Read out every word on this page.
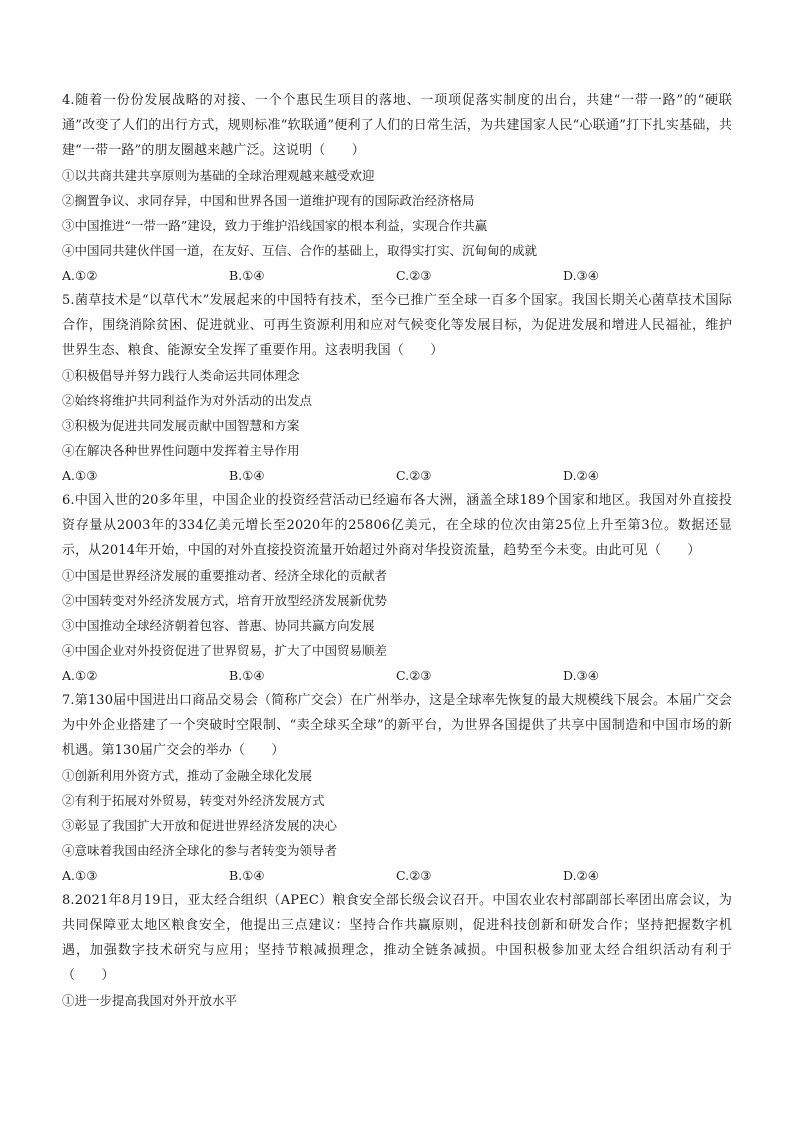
4.随着一份份发展战略的对接、一个个惠民生项目的落地、一项项促落实制度的出台，共建“一带一路”的“硬联通”改变了人们的出行方式，规则标准“软联通”便利了人们的日常生活，为共建国家人民“心联通”打下扎实基础，共建“一带一路”的朋友圈越来越广泛。这说明（　　）

①以共商共建共享原则为基础的全球治理观越来越受欢迎

②搁置争议、求同存异，中国和世界各国一道维护现有的国际政治经济格局

③中国推进“一带一路”建设，致力于维护沿线国家的根本利益，实现合作共赢

④中国同共建伙伴国一道，在友好、互信、合作的基础上，取得实打实、沉甸甸的成就

A.①②	B.①④	C.②③	D.③④

5.菌草技术是“以草代木”发展起来的中国特有技术，至今已推广至全球一百多个国家。我国长期关心菌草技术国际合作，围绕消除贫困、促进就业、可再生资源利用和应对气候变化等发展目标，为促进发展和增进人民福祉，维护世界生态、粮食、能源安全发挥了重要作用。这表明我国（　　）

①积极倡导并努力践行人类命运共同体理念

②始终将维护共同利益作为对外活动的出发点

③积极为促进共同发展贡献中国智慧和方案

④在解决各种世界性问题中发挥着主导作用

A.①③	B.①④	C.②③	D.②④

6.中国入世的20多年里，中国企业的投资经营活动已经遍布各大洲，涵盖全球189个国家和地区。我国对外直接投资存量从2003年的334亿美元增长至2020年的25806亿美元，在全球的位次由第25位上升至第3位。数据还显示，从2014年开始，中国的对外直接投资流量开始超过外商对华投资流量，趋势至今未变。由此可见（　　）

①中国是世界经济发展的重要推动者、经济全球化的贡献者

②中国转变对外经济发展方式，培育开放型经济发展新优势

③中国推动全球经济朝着包容、普惠、协同共赢方向发展

④中国企业对外投资促进了世界贸易，扩大了中国贸易顺差

A.①②	B.①④	C.②③	D.③④

7.第130届中国进出口商品交易会（简称广交会）在广州举办，这是全球率先恢复的最大规模线下展会。本届广交会为中外企业搭建了一个突破时空限制、“卖全球买全球”的新平台，为世界各国提供了共享中国制造和中国市场的新机遇。第130届广交会的举办（　　）

①创新利用外资方式，推动了金融全球化发展

②有利于拓展对外贸易，转变对外经济发展方式

③彰显了我国扩大开放和促进世界经济发展的决心

④意味着我国由经济全球化的参与者转变为领导者

A.①③	B.①④	C.②③	D.②④

8.2021年8月19日，亚太经合组织（APEC）粮食安全部长级会议召开。中国农业农村部副部长率团出席会议，为共同保障亚太地区粮食安全，他提出三点建议：坚持合作共赢原则，促进科技创新和研发合作；坚持把握数字机遇，加强数字技术研究与应用；坚持节粮减损理念，推动全链条减损。中国积极参加亚太经合组织活动有利于（　　）

①进一步提高我国对外开放水平
